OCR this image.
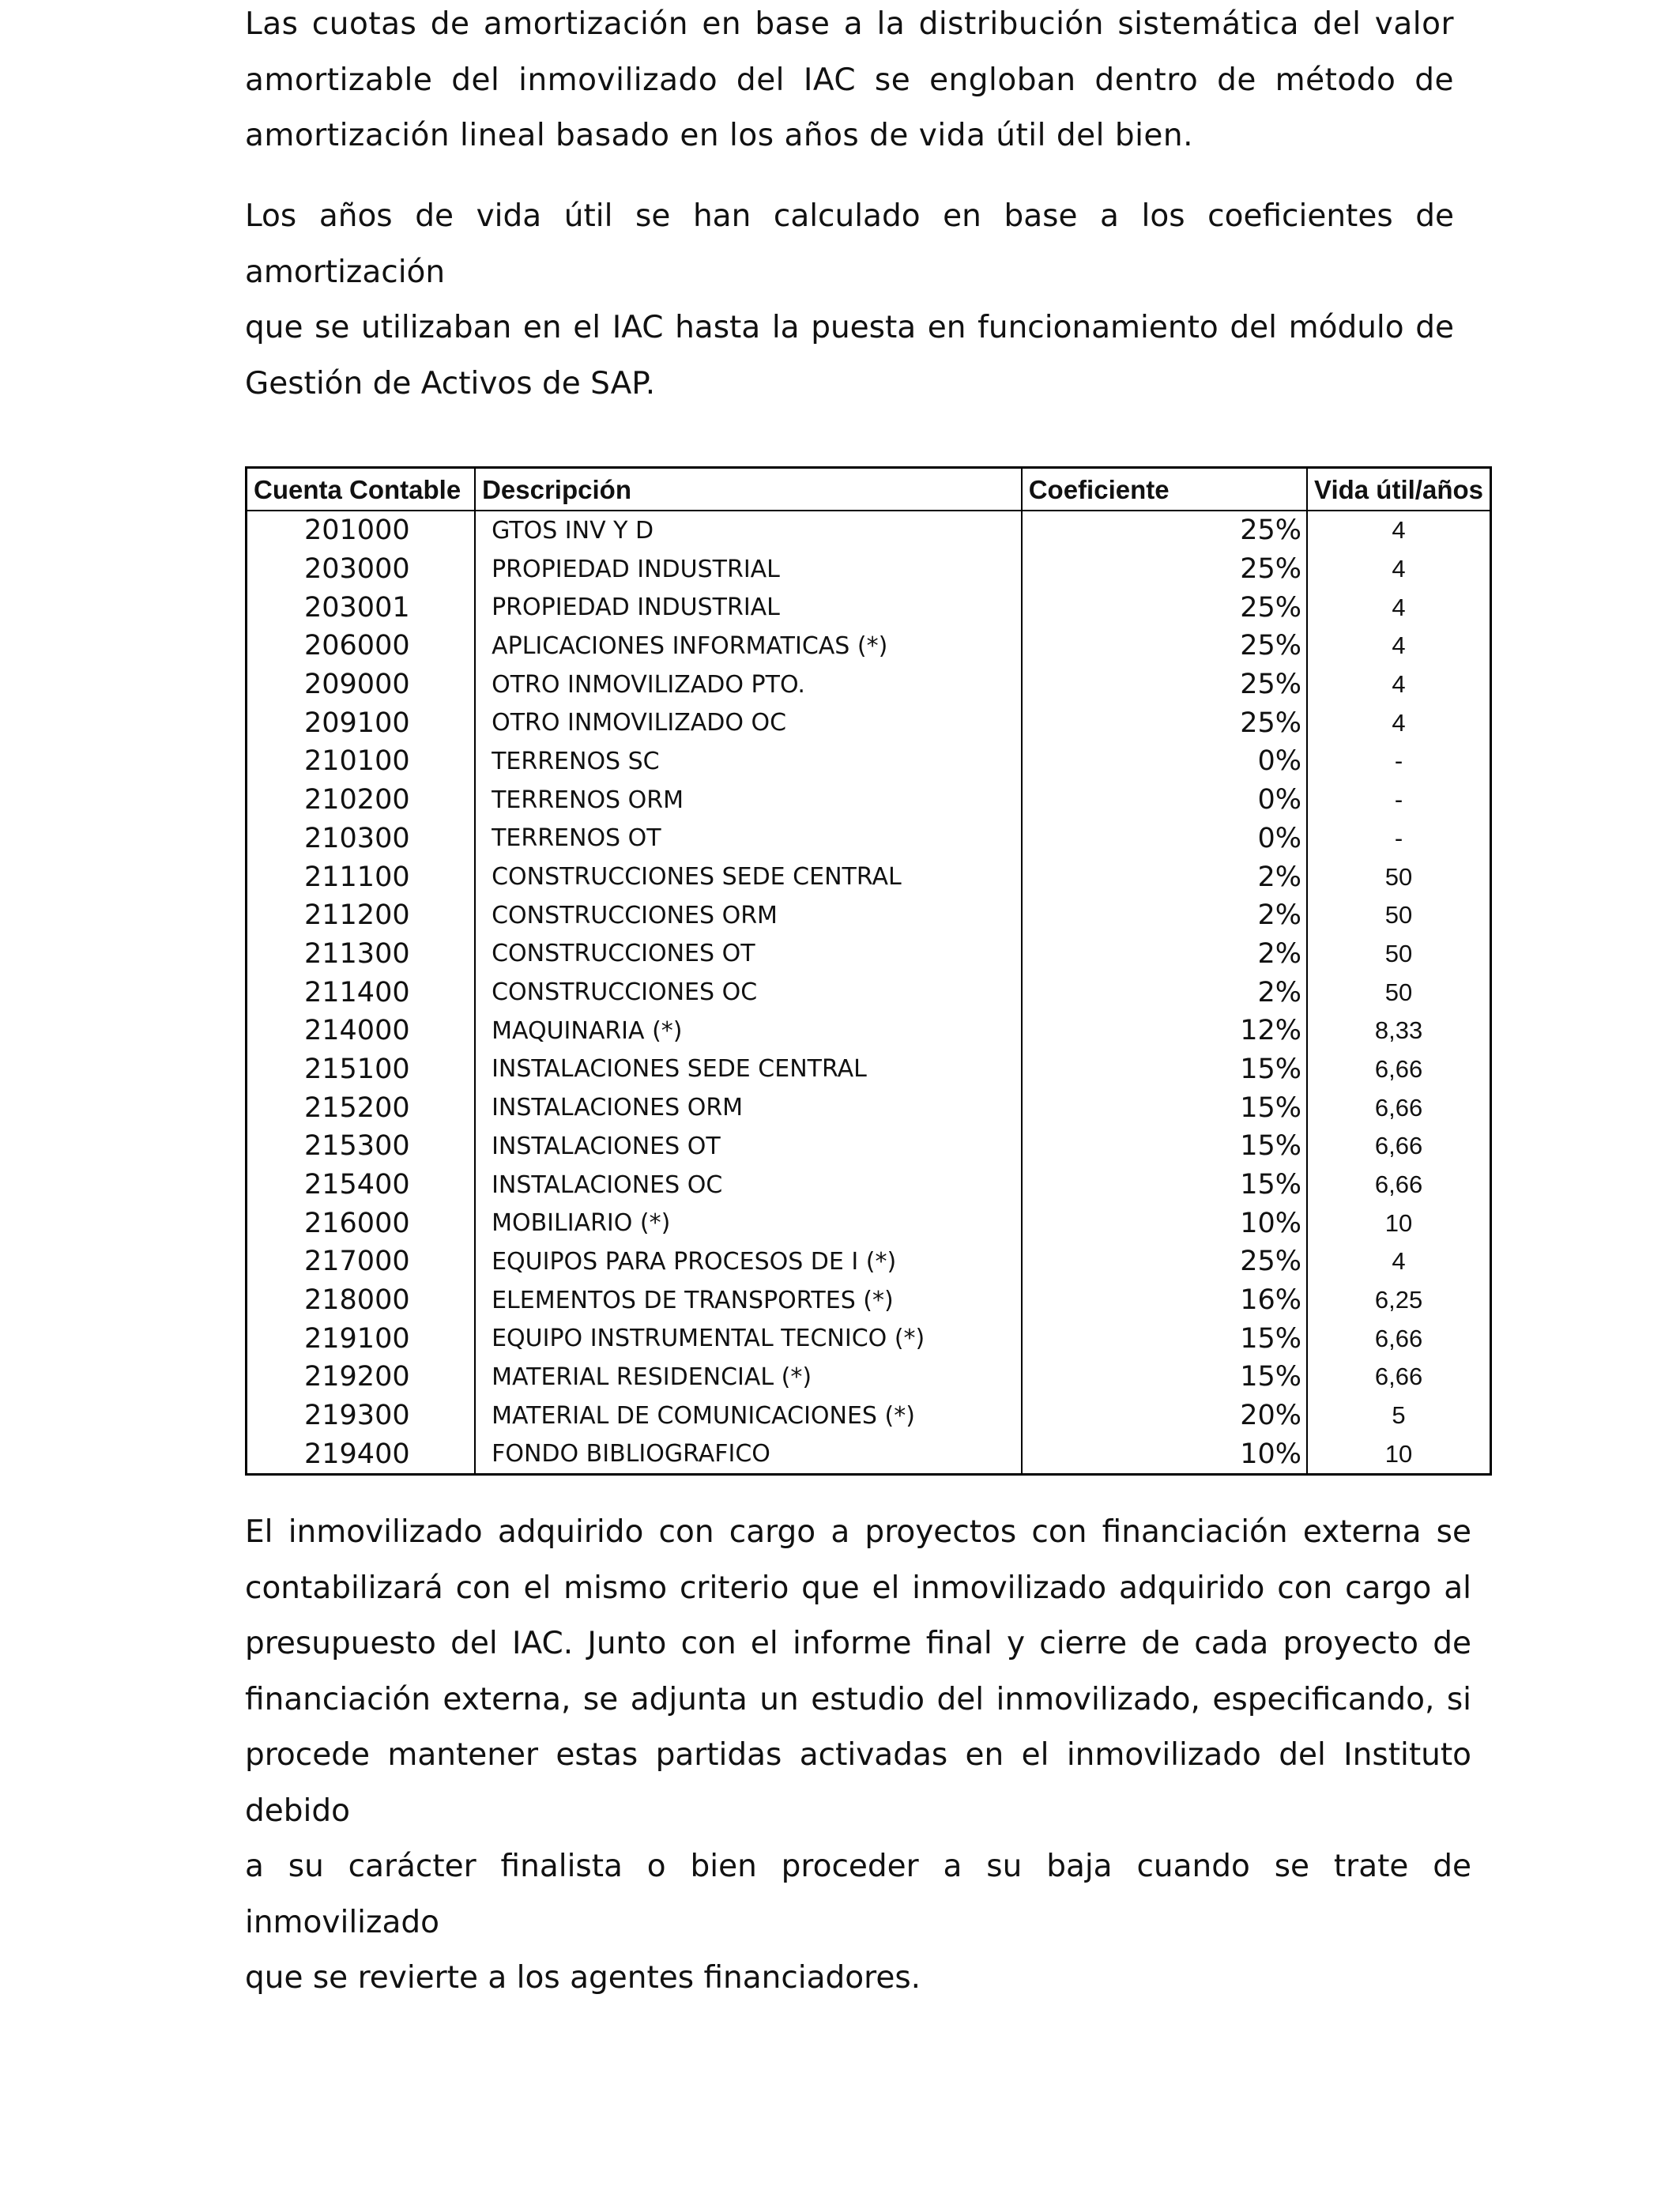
Las cuotas de amortización en base a la distribución sistemática del valor
amortizable del inmovilizado del IAC se engloban dentro de método de
amortización lineal basado en los años de vida útil del bien.
Los años de vida útil se han calculado en base a los coeficientes de amortización
que se utilizaban en el IAC hasta la puesta en funcionamiento del módulo de
Gestión de Activos de SAP.
Cuenta Contable	Descripción	Coeficiente	Vida útil/años
201000	GTOS INV Y D	25%	4
203000	PROPIEDAD INDUSTRIAL	25%	4
203001	PROPIEDAD INDUSTRIAL	25%	4
206000	APLICACIONES INFORMATICAS (*)	25%	4
209000	OTRO INMOVILIZADO PTO.	25%	4
209100	OTRO INMOVILIZADO OC	25%	4
210100	TERRENOS SC	0%	-
210200	TERRENOS ORM	0%	-
210300	TERRENOS OT	0%	-
211100	CONSTRUCCIONES SEDE CENTRAL	2%	50
211200	CONSTRUCCIONES ORM	2%	50
211300	CONSTRUCCIONES OT	2%	50
211400	CONSTRUCCIONES OC	2%	50
214000	MAQUINARIA (*)	12%	8,33
215100	INSTALACIONES SEDE CENTRAL	15%	6,66
215200	INSTALACIONES ORM	15%	6,66
215300	INSTALACIONES OT	15%	6,66
215400	INSTALACIONES OC	15%	6,66
216000	MOBILIARIO (*)	10%	10
217000	EQUIPOS PARA PROCESOS DE I (*)	25%	4
218000	ELEMENTOS DE TRANSPORTES (*)	16%	6,25
219100	EQUIPO INSTRUMENTAL TECNICO (*)	15%	6,66
219200	MATERIAL RESIDENCIAL (*)	15%	6,66
219300	MATERIAL DE COMUNICACIONES (*)	20%	5
219400	FONDO BIBLIOGRAFICO	10%	10
El inmovilizado adquirido con cargo a proyectos con financiación externa se
contabilizará con el mismo criterio que el inmovilizado adquirido con cargo al
presupuesto del IAC. Junto con el informe final y cierre de cada proyecto de
financiación externa, se adjunta un estudio del inmovilizado, especificando, si
procede mantener estas partidas activadas en el inmovilizado del Instituto debido
a su carácter finalista o bien proceder a su baja cuando se trate de inmovilizado
que se revierte a los agentes financiadores.
